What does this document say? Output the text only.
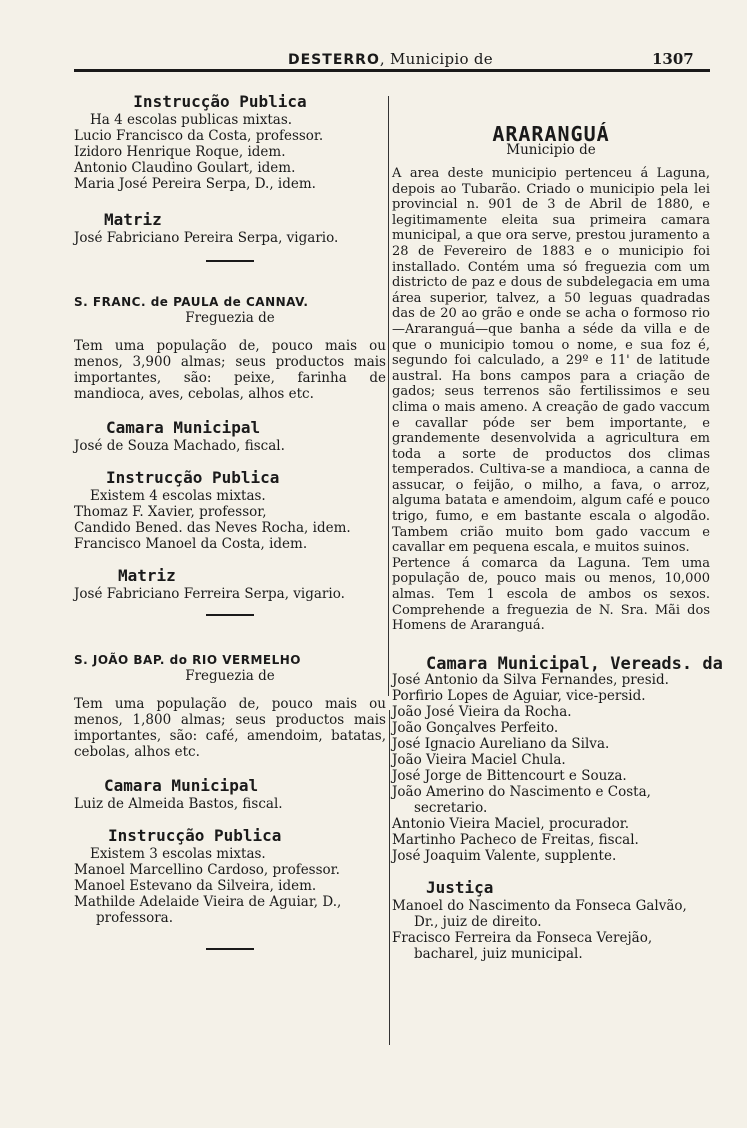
DESTERRO, Municipio de	1307
Instrucção Publica
Ha 4 escolas publicas mixtas.
Lucio Francisco da Costa, professor.
Izidoro Henrique Roque, idem.
Antonio Claudino Goulart, idem.
Maria José Pereira Serpa, D., idem.
Matriz
José Fabriciano Pereira Serpa, vigario.
S. FRANC. de PAULA de CANNAV.
Freguezia de

Tem uma população de, pouco mais ou menos, 3,900 almas; seus productos mais importantes, são: peixe, farinha de mandioca, aves, cebolas, alhos etc.

Camara Municipal
José de Souza Machado, fiscal.
Instrucção Publica
Existem 4 escolas mixtas.
Thomaz F. Xavier, professor,
Candido Bened. das Neves Rocha, idem.
Francisco Manoel da Costa, idem.
Matriz
José Fabriciano Ferreira Serpa, vigario.
S. JOÃO BAP. do RIO VERMELHO
Freguezia de

Tem uma população de, pouco mais ou menos, 1,800 almas; seus productos mais importantes, são: café, amendoim, batatas, cebolas, alhos etc.

Camara Municipal
Luiz de Almeida Bastos, fiscal.
Instrucção Publica
Existem 3 escolas mixtas.
Manoel Marcellino Cardoso, professor.
Manoel Estevano da Silveira, idem.
Mathilde Adelaide Vieira de Aguiar, D., professora.
ARARANGUÁ
Municipio de

A area deste municipio pertenceu á Laguna, depois ao Tubarão. Criado o municipio pela lei provincial n. 901 de 3 de Abril de 1880, e legitimamente eleita sua primeira camara municipal, a que ora serve, prestou juramento a 28 de Fevereiro de 1883 e o municipio foi installado. Contém uma só freguezia com um districto de paz e dous de subdelegacia em uma área superior, talvez, a 50 leguas quadradas das de 20 ao grão e onde se acha o formoso rio—Araranguá—que banha a séde da villa e de que o municipio tomou o nome, e sua foz é, segundo foi calculado, a 29º e 11' de latitude austral. Ha bons campos para a criação de gados; seus terrenos são fertilissimos e seu clima o mais ameno. A creação de gado vaccum e cavallar póde ser bem importante, e grandemente desenvolvida a agricultura em toda a sorte de productos dos climas temperados. Cultiva-se a mandioca, a canna de assucar, o feijão, o milho, a fava, o arroz, alguma batata e amendoim, algum café e pouco trigo, fumo, e em bastante escala o algodão. Tambem crião muito bom gado vaccum e cavallar em pequena escala, e muitos suinos.

Pertence á comarca da Laguna. Tem uma população de, pouco mais ou menos, 10,000 almas. Tem 1 escola de ambos os sexos. Comprehende a freguezia de N. Sra. Mãi dos Homens de Araranguá.

Camara Municipal, Vereads. da
José Antonio da Silva Fernandes, presid.
Porfirio Lopes de Aguiar, vice-persid.
João José Vieira da Rocha.
João Gonçalves Perfeito.
José Ignacio Aureliano da Silva.
João Vieira Maciel Chula.
José Jorge de Bittencourt e Souza.
João Amerino do Nascimento e Costa, secretario.
Antonio Vieira Maciel, procurador.
Martinho Pacheco de Freitas, fiscal.
José Joaquim Valente, supplente.
Justiça
Manoel do Nascimento da Fonseca Galvão, Dr., juiz de direito.
Fracisco Ferreira da Fonseca Verejão, bacharel, juiz municipal.
